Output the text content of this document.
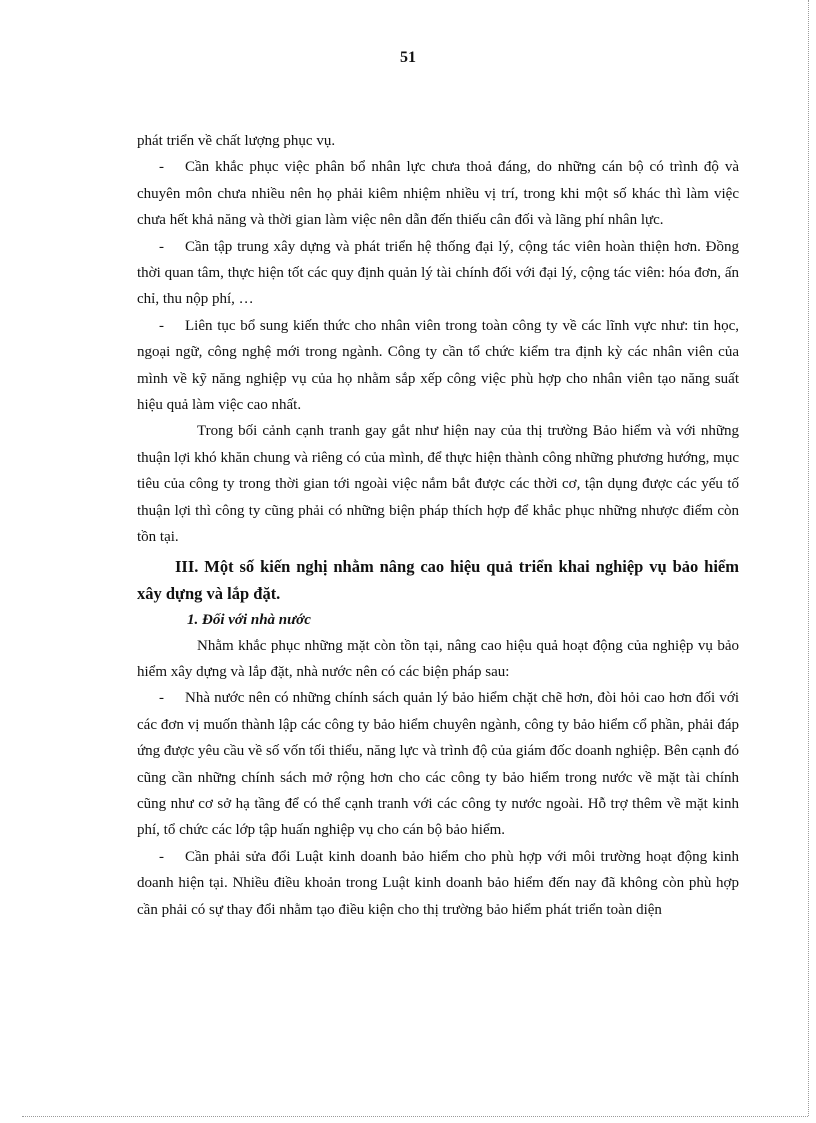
51

phát triển về chất lượng phục vụ.

- Cần khắc phục việc phân bổ nhân lực chưa thoả đáng, do những cán bộ có trình độ và chuyên môn chưa nhiều nên họ phải kiêm nhiệm nhiều vị trí, trong khi một số khác thì làm việc chưa hết khả năng và thời gian làm việc nên dẫn đến thiếu cân đối và lãng phí nhân lực.

- Cần tập trung xây dựng và phát triển hệ thống đại lý, cộng tác viên hoàn thiện hơn. Đồng thời quan tâm, thực hiện tốt các quy định quản lý tài chính đối với đại lý, cộng tác viên: hóa đơn, ấn chỉ, thu nộp phí, …

- Liên tục bổ sung kiến thức cho nhân viên trong toàn công ty về các lĩnh vực như: tin học, ngoại ngữ, công nghệ mới trong ngành. Công ty cần tổ chức kiểm tra định kỳ các nhân viên của mình về kỹ năng nghiệp vụ của họ nhằm sắp xếp công việc phù hợp cho nhân viên tạo năng suất hiệu quả làm việc cao nhất.

Trong bối cảnh cạnh tranh gay gắt như hiện nay của thị trường Bảo hiểm và với những thuận lợi khó khăn chung và riêng có của mình, để thực hiện thành công những phương hướng, mục tiêu của công ty trong thời gian tới ngoài việc nắm bắt được các thời cơ, tận dụng được các yếu tố thuận lợi thì công ty cũng phải có những biện pháp thích hợp để khắc phục những nhược điểm còn tồn tại.

III. Một số kiến nghị nhằm nâng cao hiệu quả triển khai nghiệp vụ bảo hiểm xây dựng và lắp đặt.

1. Đối với nhà nước

Nhằm khắc phục những mặt còn tồn tại, nâng cao hiệu quả hoạt động của nghiệp vụ bảo hiểm xây dựng và lắp đặt, nhà nước nên có các biện pháp sau:

- Nhà nước nên có những chính sách quản lý bảo hiểm chặt chẽ hơn, đòi hỏi cao hơn đối với các đơn vị muốn thành lập các công ty bảo hiểm chuyên ngành, công ty bảo hiểm cổ phần, phải đáp ứng được yêu cầu về số vốn tối thiểu, năng lực và trình độ của giám đốc doanh nghiệp. Bên cạnh đó cũng cần những chính sách mở rộng hơn cho các công ty bảo hiểm trong nước về mặt tài chính cũng như cơ sở hạ tầng để có thể cạnh tranh với các công ty nước ngoài. Hỗ trợ thêm về mặt kinh phí, tổ chức các lớp tập huấn nghiệp vụ cho cán bộ bảo hiểm.

- Cần phải sửa đổi Luật kinh doanh bảo hiểm cho phù hợp với môi trường hoạt động kinh doanh hiện tại. Nhiều điều khoản trong Luật kinh doanh bảo hiểm đến nay đã không còn phù hợp cần phải có sự thay đổi nhằm tạo điều kiện cho thị trường bảo hiểm phát triển toàn diện
